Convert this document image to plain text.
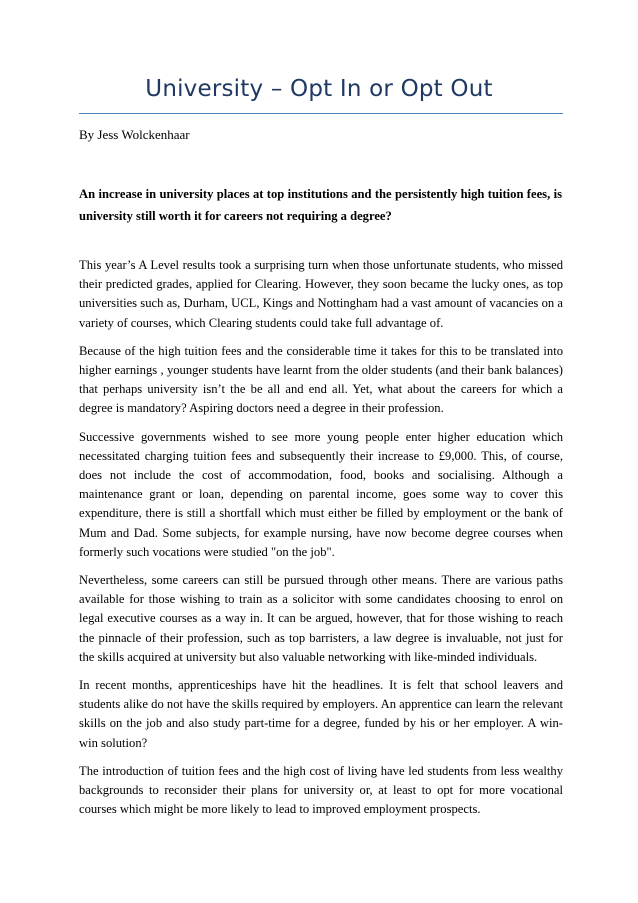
University – Opt In or Opt Out
By Jess Wolckenhaar
An increase in university places at top institutions and the persistently high tuition fees, is university still worth it for careers not requiring a degree?

This year’s A Level results took a surprising turn when those unfortunate students, who missed their predicted grades, applied for Clearing. However, they soon became the lucky ones, as top universities such as, Durham, UCL, Kings and Nottingham had a vast amount of vacancies on a variety of courses, which Clearing students could take full advantage of.

Because of the high tuition fees and the considerable time it takes for this to be translated into higher earnings , younger students have learnt from the older students (and their bank balances) that perhaps university isn’t the be all and end all. Yet, what about the careers for which a degree is mandatory? Aspiring doctors need a degree in their profession.

Successive governments wished to see more young people enter higher education which necessitated charging tuition fees and subsequently their increase to £9,000. This, of course, does not include the cost of accommodation, food, books and socialising. Although a maintenance grant or loan, depending on parental income, goes some way to cover this expenditure, there is still a shortfall which must either be filled by employment or the bank of Mum and Dad. Some subjects, for example nursing, have now become degree courses when formerly such vocations were studied "on the job".

Nevertheless, some careers can still be pursued through other means. There are various paths available for those wishing to train as a solicitor with some candidates choosing to enrol on legal executive courses as a way in. It can be argued, however, that for those wishing to reach the pinnacle of their profession, such as top barristers, a law degree is invaluable, not just for the skills acquired at university but also valuable networking with like-minded individuals.

In recent months, apprenticeships have hit the headlines. It is felt that school leavers and students alike do not have the skills required by employers. An apprentice can learn the relevant skills on the job and also study part-time for a degree, funded by his or her employer. A win-win solution?

The introduction of tuition fees and the high cost of living have led students from less wealthy backgrounds to reconsider their plans for university or, at least to opt for more vocational courses which might be more likely to lead to improved employment prospects.
